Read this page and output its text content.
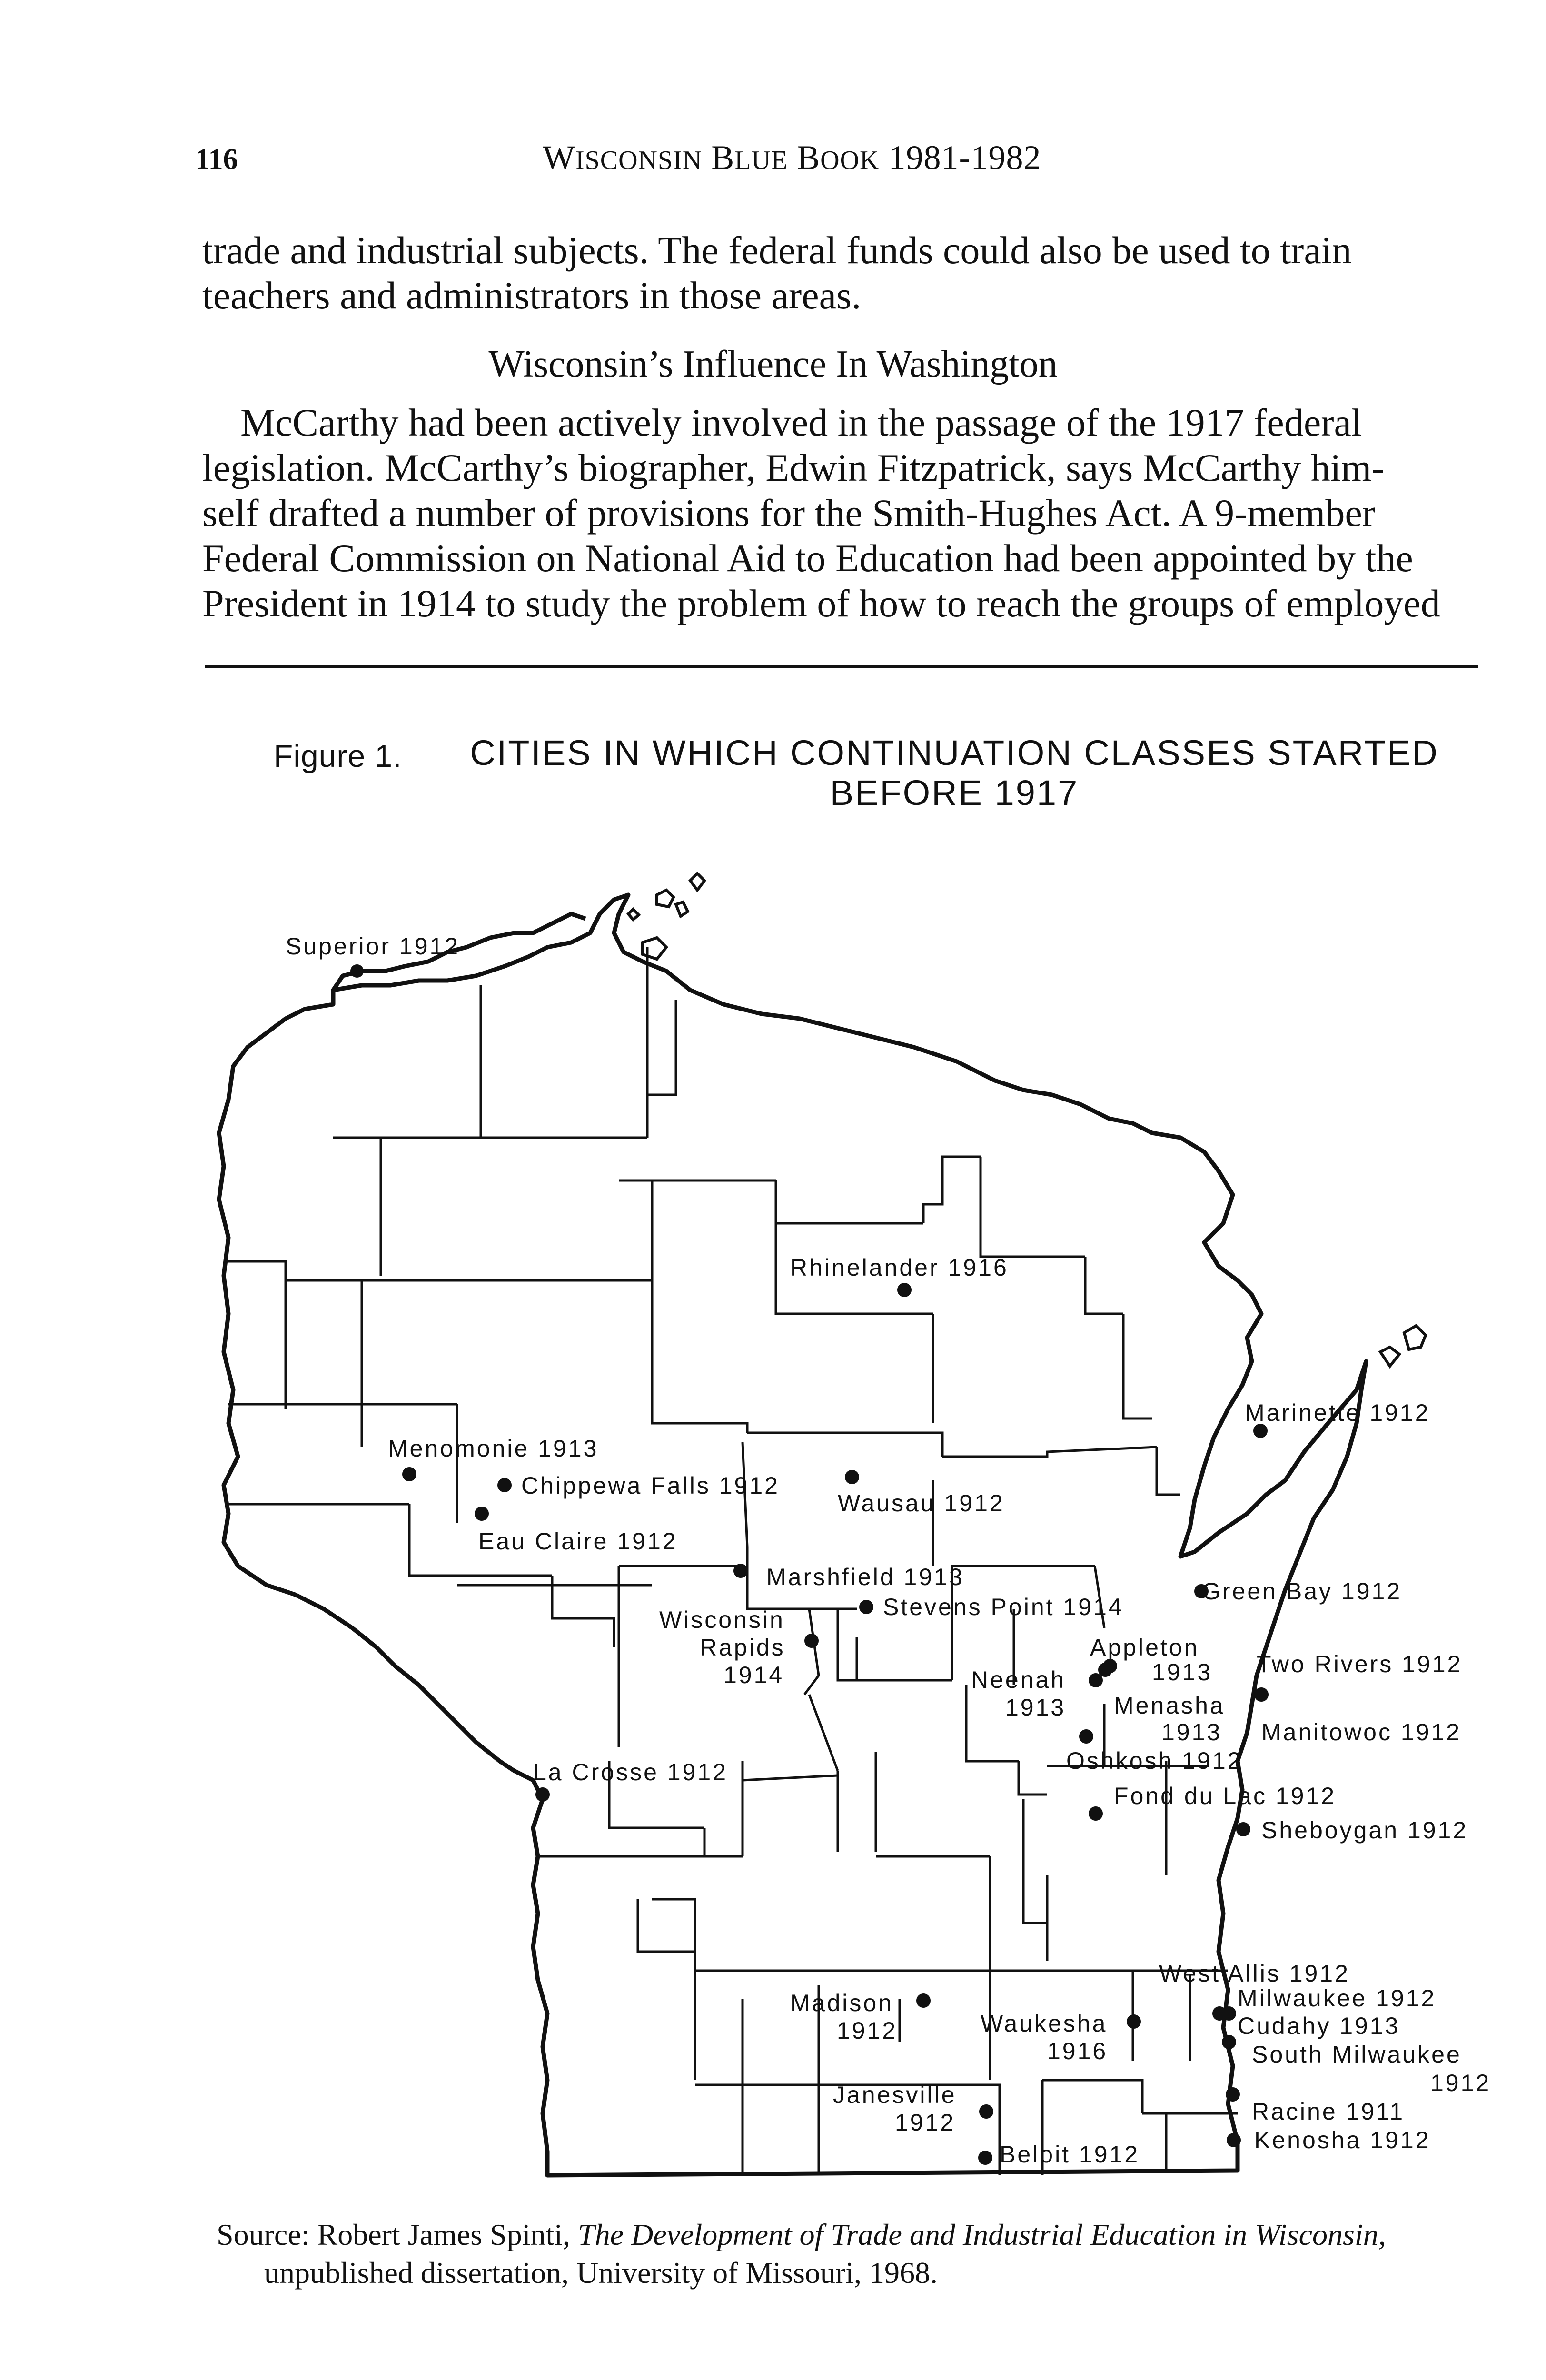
116	WISCONSIN BLUE BOOK 1981-1982
trade and industrial subjects. The federal funds could also be used to train
teachers and administrators in those areas.
Wisconsin’s Influence In Washington
McCarthy had been actively involved in the passage of the 1917 federal
legislation. McCarthy’s biographer, Edwin Fitzpatrick, says McCarthy him-
self drafted a number of provisions for the Smith-Hughes Act. A 9-member
Federal Commission on National Aid to Education had been appointed by the
President in 1914 to study the problem of how to reach the groups of employed
Figure 1.	CITIES IN WHICH CONTINUATION CLASSES STARTED
BEFORE 1917
Superior 1912
Rhinelander 1916
Marinette 1912
Menomonie 1913
Chippewa Falls 1912
Wausau 1912
Eau Claire 1912
Marshfield 1913
Green Bay 1912
Stevens Point 1914
Wisconsin
Rapids
1914
Appleton
1913 Two Rivers 1912
Neenah
1913 Menasha
1913 Manitowoc 1912
La Crosse 1912	Oshkosh 1912
Fond du Lac 1912
Sheboygan 1912
West Allis 1912
Milwaukee 1912
Madison
1912	Waukesha
1916
Cudahy 1913
South Milwaukee
1912
Janesville
1912	Racine 1911
Beloit 1912
Kenosha 1912
Source: Robert James Spinti, The Development of Trade and Industrial Education in Wisconsin,
unpublished dissertation, University of Missouri, 1968.
